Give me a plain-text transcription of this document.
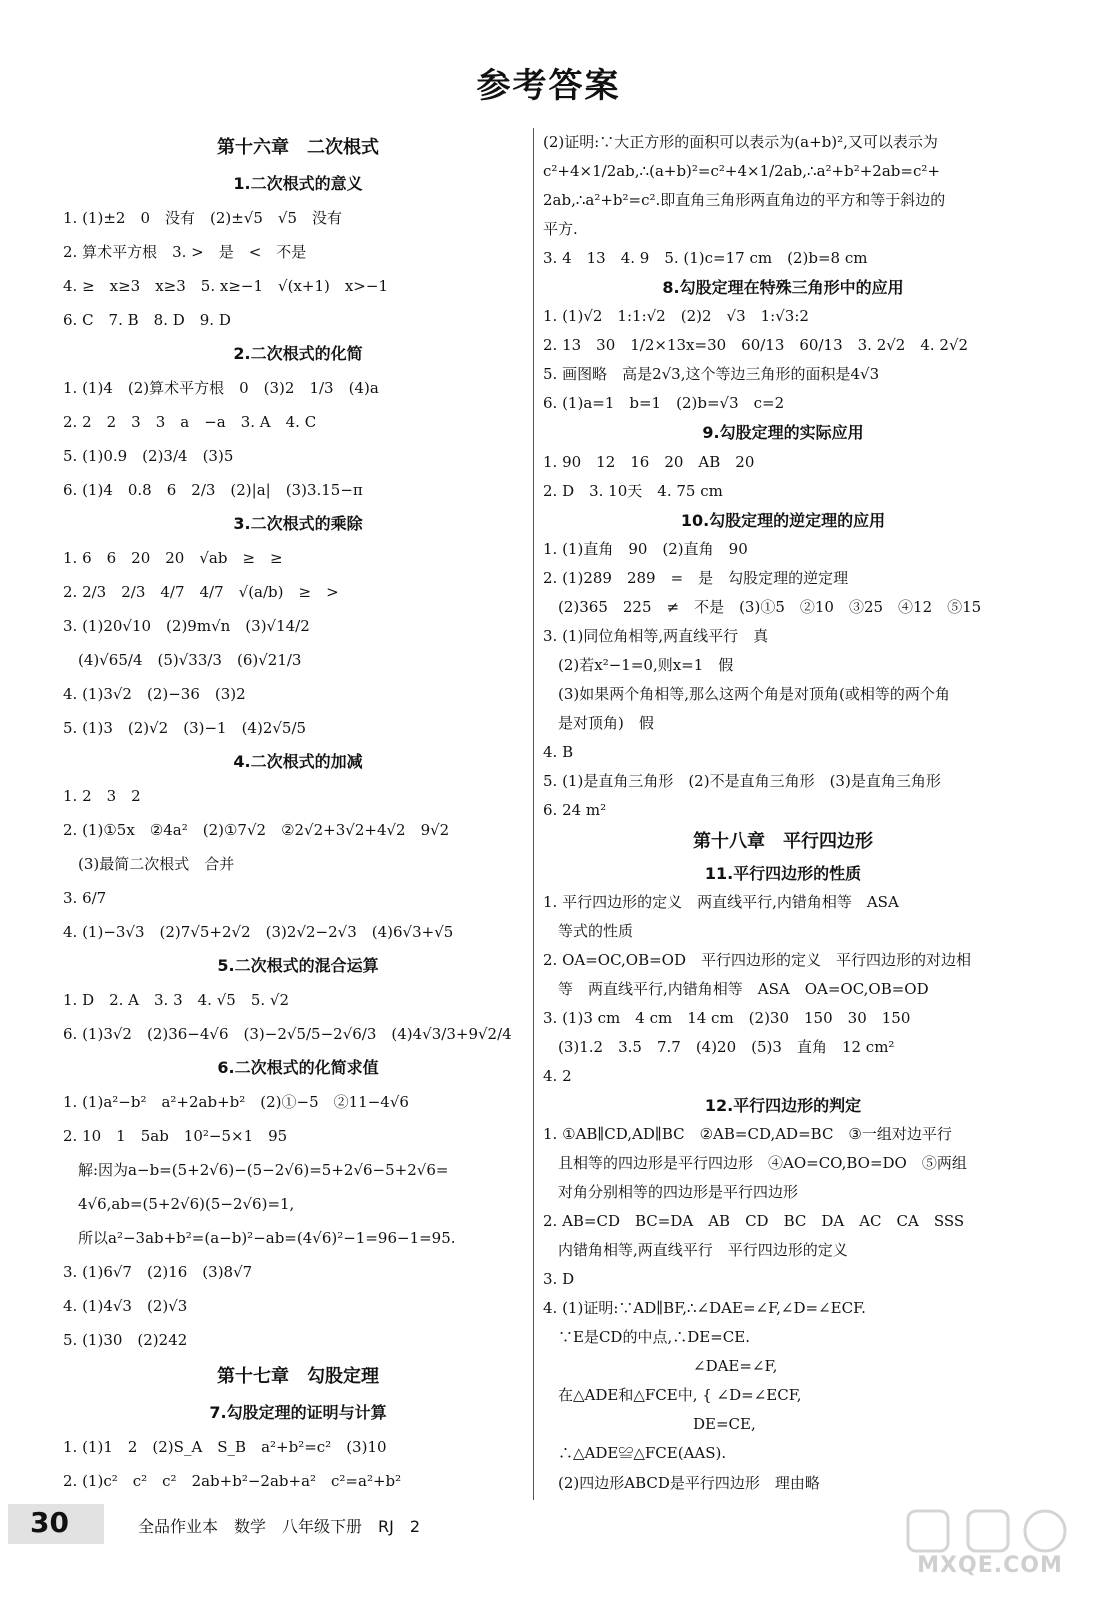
参考答案
第十六章　二次根式
1.二次根式的意义
1. (1)±2　0　没有　(2)±√5　√5　没有
2. 算术平方根　3. >　是　<　不是
4. ≥　x≥3　x≥3　5. x≥−1　√(x+1)　x>−1
6. C　7. B　8. D　9. D
2.二次根式的化简
1. (1)4　(2)算术平方根　0　(3)2　1/3　(4)a
2. 2　2　3　3　a　−a　3. A　4. C
5. (1)0.9　(2)3/4　(3)5
6. (1)4　0.8　6　2/3　(2)|a|　(3)3.15−π
3.二次根式的乘除
1. 6　6　20　20　√ab　≥　≥
2. 2/3　2/3　4/7　4/7　√(a/b)　≥　>
3. (1)20√10　(2)9m√n　(3)√14/2
　(4)√65/4　(5)√33/3　(6)√21/3
4. (1)3√2　(2)−36　(3)2
5. (1)3　(2)√2　(3)−1　(4)2√5/5
4.二次根式的加减
1. 2　3　2
2. (1)①5x　②4a²　(2)①7√2　②2√2+3√2+4√2　9√2
　(3)最简二次根式　合并
3. 6/7
4. (1)−3√3　(2)7√5+2√2　(3)2√2−2√3　(4)6√3+√5
5.二次根式的混合运算
1. D　2. A　3. 3　4. √5　5. √2
6. (1)3√2　(2)36−4√6　(3)−2√5/5−2√6/3　(4)4√3/3+9√2/4
6.二次根式的化简求值
1. (1)a²−b²　a²+2ab+b²　(2)①−5　②11−4√6
2. 10　1　5ab　10²−5×1　95
　解:因为a−b=(5+2√6)−(5−2√6)=5+2√6−5+2√6=
　4√6,ab=(5+2√6)(5−2√6)=1,
　所以a²−3ab+b²=(a−b)²−ab=(4√6)²−1=96−1=95.
3. (1)6√7　(2)16　(3)8√7
4. (1)4√3　(2)√3
5. (1)30　(2)242
第十七章　勾股定理
7.勾股定理的证明与计算
1. (1)1　2　(2)S_A　S_B　a²+b²=c²　(3)10
2. (1)c²　c²　c²　2ab+b²−2ab+a²　c²=a²+b²
(2)证明:∵大正方形的面积可以表示为(a+b)²,又可以表示为
c²+4×1/2ab,∴(a+b)²=c²+4×1/2ab,∴a²+b²+2ab=c²+
2ab,∴a²+b²=c².即直角三角形两直角边的平方和等于斜边的
平方.
3. 4　13　4. 9　5. (1)c=17 cm　(2)b=8 cm
8.勾股定理在特殊三角形中的应用
1. (1)√2　1:1:√2　(2)2　√3　1:√3:2
2. 13　30　1/2×13x=30　60/13　60/13　3. 2√2　4. 2√2
5. 画图略　高是2√3,这个等边三角形的面积是4√3
6. (1)a=1　b=1　(2)b=√3　c=2
9.勾股定理的实际应用
1. 90　12　16　20　AB　20
2. D　3. 10天　4. 75 cm
10.勾股定理的逆定理的应用
1. (1)直角　90　(2)直角　90
2. (1)289　289　=　是　勾股定理的逆定理
　(2)365　225　≠　不是　(3)①5　②10　③25　④12　⑤15
3. (1)同位角相等,两直线平行　真
　(2)若x²−1=0,则x=1　假
　(3)如果两个角相等,那么这两个角是对顶角(或相等的两个角
　是对顶角)　假
4. B
5. (1)是直角三角形　(2)不是直角三角形　(3)是直角三角形
6. 24 m²
第十八章　平行四边形
11.平行四边形的性质
1. 平行四边形的定义　两直线平行,内错角相等　ASA
　等式的性质
2. OA=OC,OB=OD　平行四边形的定义　平行四边形的对边相
　等　两直线平行,内错角相等　ASA　OA=OC,OB=OD
3. (1)3 cm　4 cm　14 cm　(2)30　150　30　150
　(3)1.2　3.5　7.7　(4)20　(5)3　直角　12 cm²
4. 2
12.平行四边形的判定
1. ①AB∥CD,AD∥BC　②AB=CD,AD=BC　③一组对边平行
　且相等的四边形是平行四边形　④AO=CO,BO=DO　⑤两组
　对角分别相等的四边形是平行四边形
2. AB=CD　BC=DA　AB　CD　BC　DA　AC　CA　SSS
　内错角相等,两直线平行　平行四边形的定义
3. D
4. (1)证明:∵AD∥BF,∴∠DAE=∠F,∠D=∠ECF.
　∵E是CD的中点,∴DE=CE.
　　　　　　　　　　∠DAE=∠F,
　在△ADE和△FCE中, { ∠D=∠ECF,
　　　　　　　　　　DE=CE,
　∴△ADE≌△FCE(AAS).
　(2)四边形ABCD是平行四边形　理由略
30	全品作业本　数学　八年级下册　RJ　2
MXQE.COM
